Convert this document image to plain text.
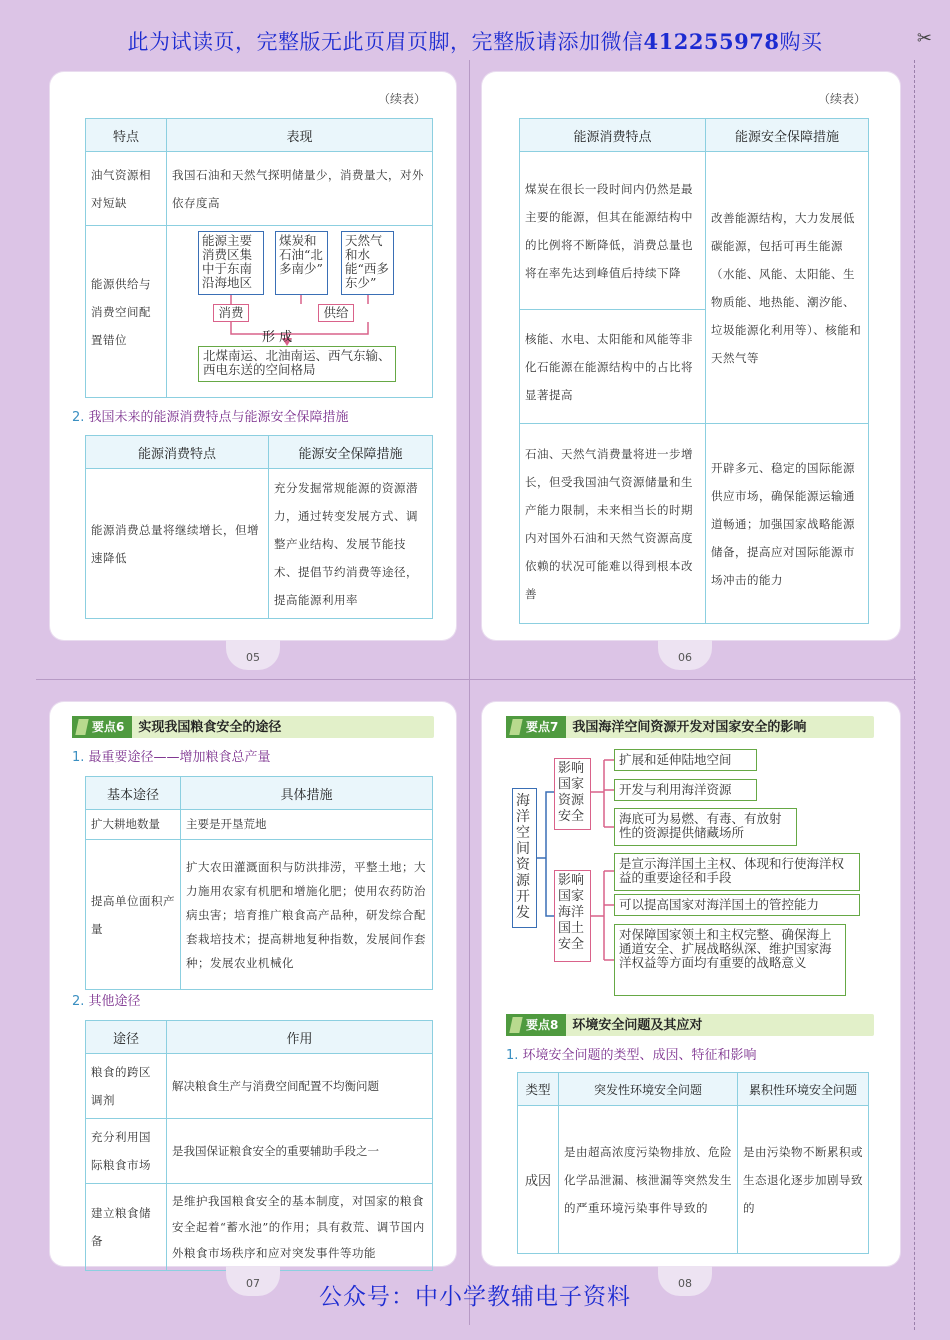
此为试读页，完整版无此页眉页脚，完整版请添加微信412255978购买	✂
（续表）
特点	表现
油气资源相对短缺	我国石油和天然气探明储量少，消费量大，对外依存度高
能源供给与消费空间配置错位	
能源主要消费区集中于东南沿海地区
煤炭和石油“北多南少”
天然气和水能“西多东少”
消费	供给
形 成
北煤南运、北油南运、西气东输、西电东送的空间格局
2. 我国未来的能源消费特点与能源安全保障措施
能源消费特点	能源安全保障措施
能源消费总量将继续增长，但增速降低	充分发掘常规能源的资源潜力，通过转变发展方式、调整产业结构、发展节能技术、提倡节约消费等途径，提高能源利用率
05
（续表）
能源消费特点	能源安全保障措施
煤炭在很长一段时间内仍然是最主要的能源，但其在能源结构中的比例将不断降低，消费总量也将在率先达到峰值后持续下降	改善能源结构，大力发展低碳能源，包括可再生能源（水能、风能、太阳能、生物质能、地热能、潮汐能、垃圾能源化利用等）、核能和天然气等
核能、水电、太阳能和风能等非化石能源在能源结构中的占比将显著提高	
石油、天然气消费量将进一步增长，但受我国油气资源储量和生产能力限制，未来相当长的时期内对国外石油和天然气资源高度依赖的状况可能难以得到根本改善	开辟多元、稳定的国际能源供应市场，确保能源运输通道畅通；加强国家战略能源储备，提高应对国际能源市场冲击的能力
06
要点6 实现我国粮食安全的途径
1. 最重要途径——增加粮食总产量
基本途径	具体措施
扩大耕地数量	主要是开垦荒地
提高单位面积产量	扩大农田灌溉面积与防洪排涝，平整土地；大力施用农家有机肥和增施化肥；使用农药防治病虫害；培育推广粮食高产品种，研发综合配套栽培技术；提高耕地复种指数，发展间作套种；发展农业机械化
2. 其他途径
途径	作用
粮食的跨区调剂	解决粮食生产与消费空间配置不均衡问题
充分利用国际粮食市场	是我国保证粮食安全的重要辅助手段之一
建立粮食储备	是维护我国粮食安全的基本制度，对国家的粮食安全起着“蓄水池”的作用；具有救荒、调节国内外粮食市场秩序和应对突发事件等功能
07
要点7 我国海洋空间资源开发对国家安全的影响
海洋空间资源开发
影响国家资源安全
影响国家海洋国土安全
扩展和延伸陆地空间
开发与利用海洋资源
海底可为易燃、有毒、有放射性的资源提供储藏场所
是宣示海洋国土主权、体现和行使海洋权益的重要途径和手段
可以提高国家对海洋国土的管控能力
对保障国家领土和主权完整、确保海上通道安全、扩展战略纵深、维护国家海洋权益等方面均有重要的战略意义
要点8 环境安全问题及其应对
1. 环境安全问题的类型、成因、特征和影响
类型	突发性环境安全问题	累积性环境安全问题
成因	是由超高浓度污染物排放、危险化学品泄漏、核泄漏等突然发生的严重环境污染事件导致的	是由污染物不断累积或生态退化逐步加剧导致的
08
公众号：中小学教辅电子资料
